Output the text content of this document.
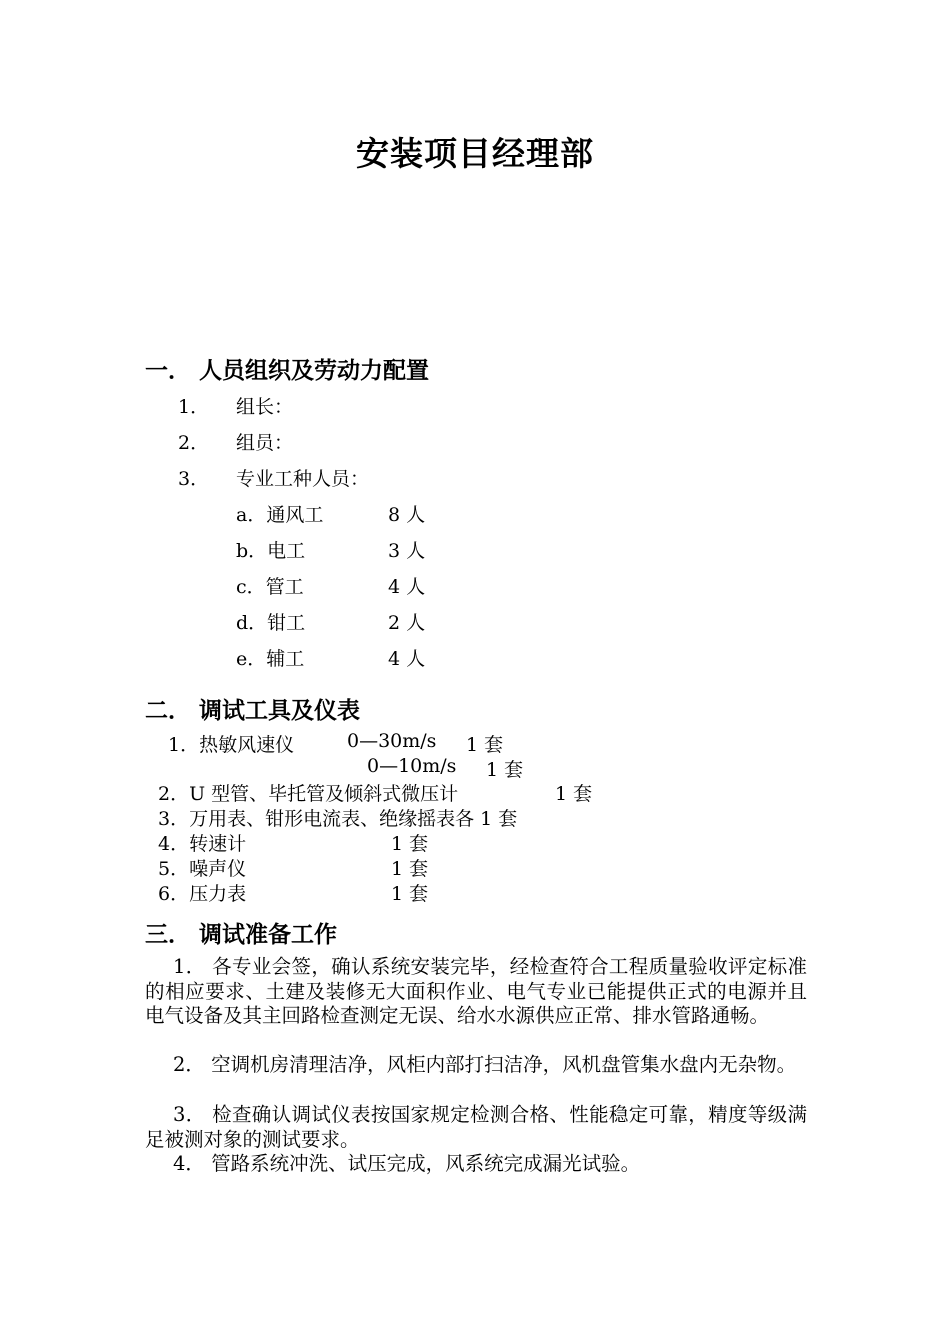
安装项目经理部
一． 人员组织及劳动力配置
1． 组长：
2． 组员：
3． 专业工种人员：
a．通风工	8 人
b．电工	3 人
c．管工	4 人
d．钳工	2 人
e．辅工	4 人
二． 调试工具及仪表
1．热敏风速仪	0—30m/s 1 套
0—10m/s 1 套
2．U 型管、毕托管及倾斜式微压计	1 套
3．万用表、钳形电流表、绝缘摇表各 1 套
4．转速计	1 套
5．噪声仪	1 套
6．压力表	1 套
三． 调试准备工作
1． 各专业会签，确认系统安装完毕，经检查符合工程质量验收评定标准的相应要求、土建及装修无大面积作业、电气专业已能提供正式的电源并且电气设备及其主回路检查测定无误、给水水源供应正常、排水管路通畅。
2． 空调机房清理洁净，风柜内部打扫洁净，风机盘管集水盘内无杂物。
3． 检查确认调试仪表按国家规定检测合格、性能稳定可靠，精度等级满足被测对象的测试要求。
4． 管路系统冲洗、试压完成，风系统完成漏光试验。
